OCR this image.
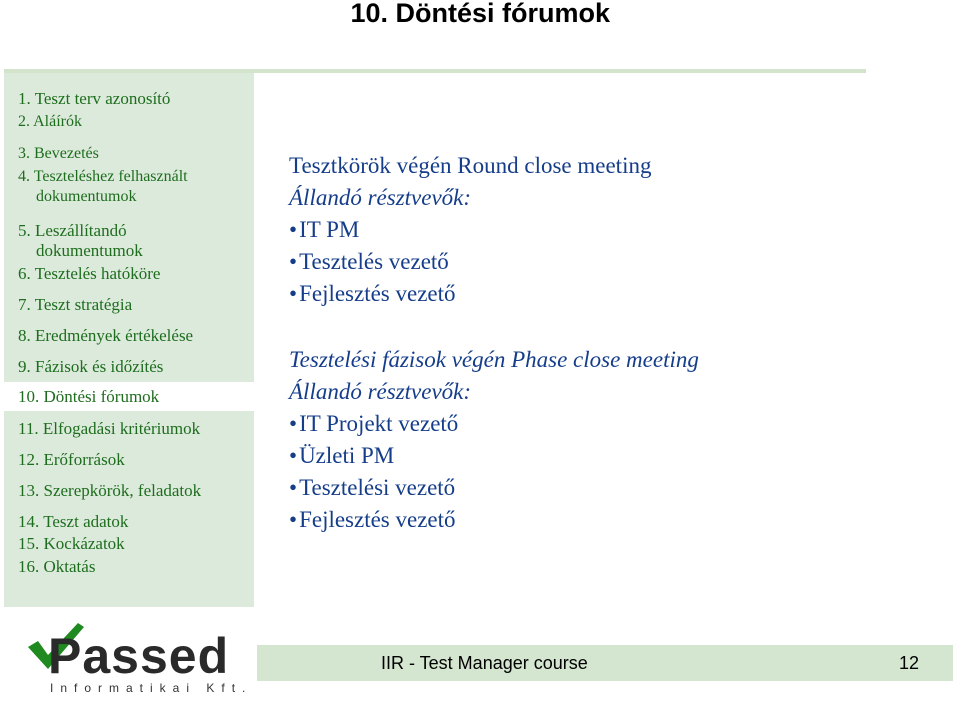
10. Döntési fórumok
1. Teszt terv azonosító
2. Aláírók
3. Bevezetés
4. Teszteléshez felhasznált
dokumentumok
5. Leszállítandó
dokumentumok
6. Tesztelés hatóköre
7. Teszt stratégia
8. Eredmények értékelése
9. Fázisok és időzítés
10. Döntési fórumok
11. Elfogadási kritériumok
12. Erőforrások
13. Szerepkörök, feladatok
14. Teszt adatok
15. Kockázatok
16. Oktatás

Tesztkörök végén Round close meeting

Állandó résztvevők:

• IT PM

• Tesztelés vezető

• Fejlesztés vezető

Tesztelési fázisok végén Phase close meeting

Állandó résztvevők:

• IT Projekt vezető

• Üzleti PM

• Tesztelési vezető

• Fejlesztés vezető

Passed
Informatikai Kft.
IIR - Test Manager course	12
